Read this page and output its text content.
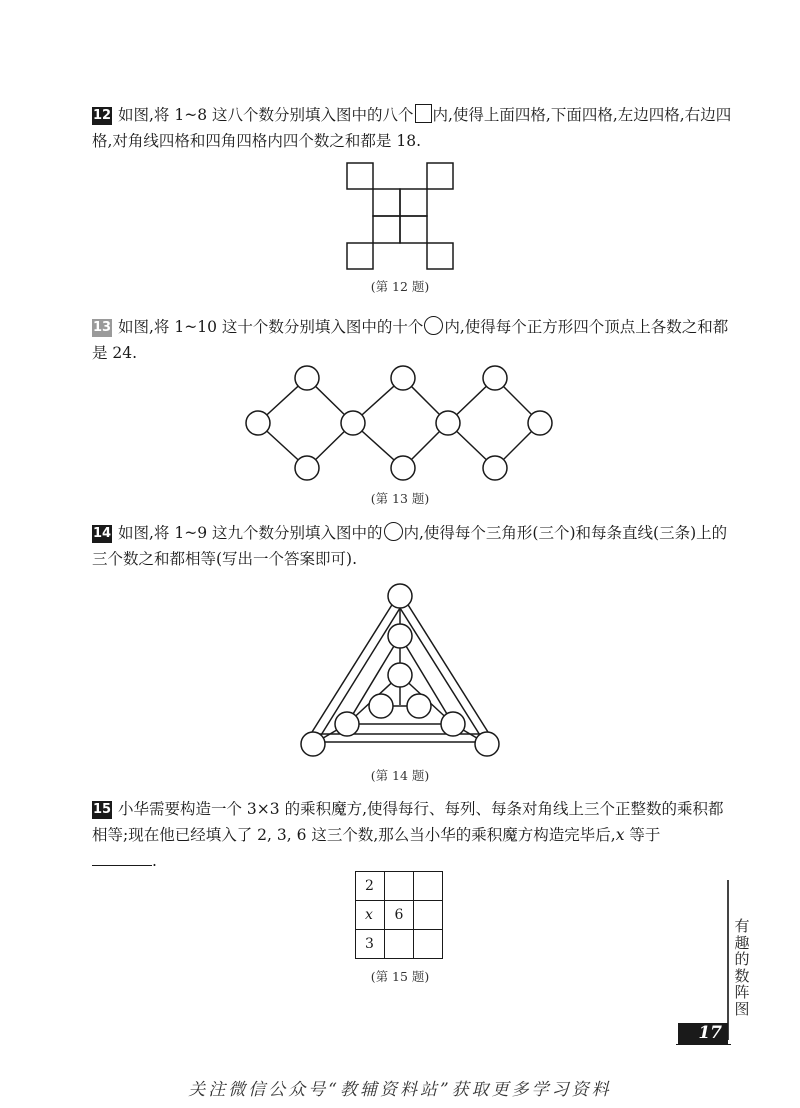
12 如图,将 1~8 这八个数分别填入图中的八个 内,使得上面四格,下面四格,左边四格,右边四格,对角线四格和四角四格内四个数之和都是 18.
(第 12 题)
13 如图,将 1~10 这十个数分别填入图中的十个 内,使得每个正方形四个顶点上各数之和都是 24.
(第 13 题)
14 如图,将 1~9 这九个数分别填入图中的 内,使得每个三角形(三个)和每条直线(三条)上的三个数之和都相等(写出一个答案即可).
(第 14 题)
15 小华需要构造一个 3×3 的乘积魔方,使得每行、每列、每条对角线上三个正整数的乘积都相等;现在他已经填入了 2, 3, 6 这三个数,那么当小华的乘积魔方构造完毕后,x 等于
.
2		
x	6	
3		
(第 15 题)
有趣的数阵图
17
关注微信公众号“教辅资料站”获取更多学习资料
